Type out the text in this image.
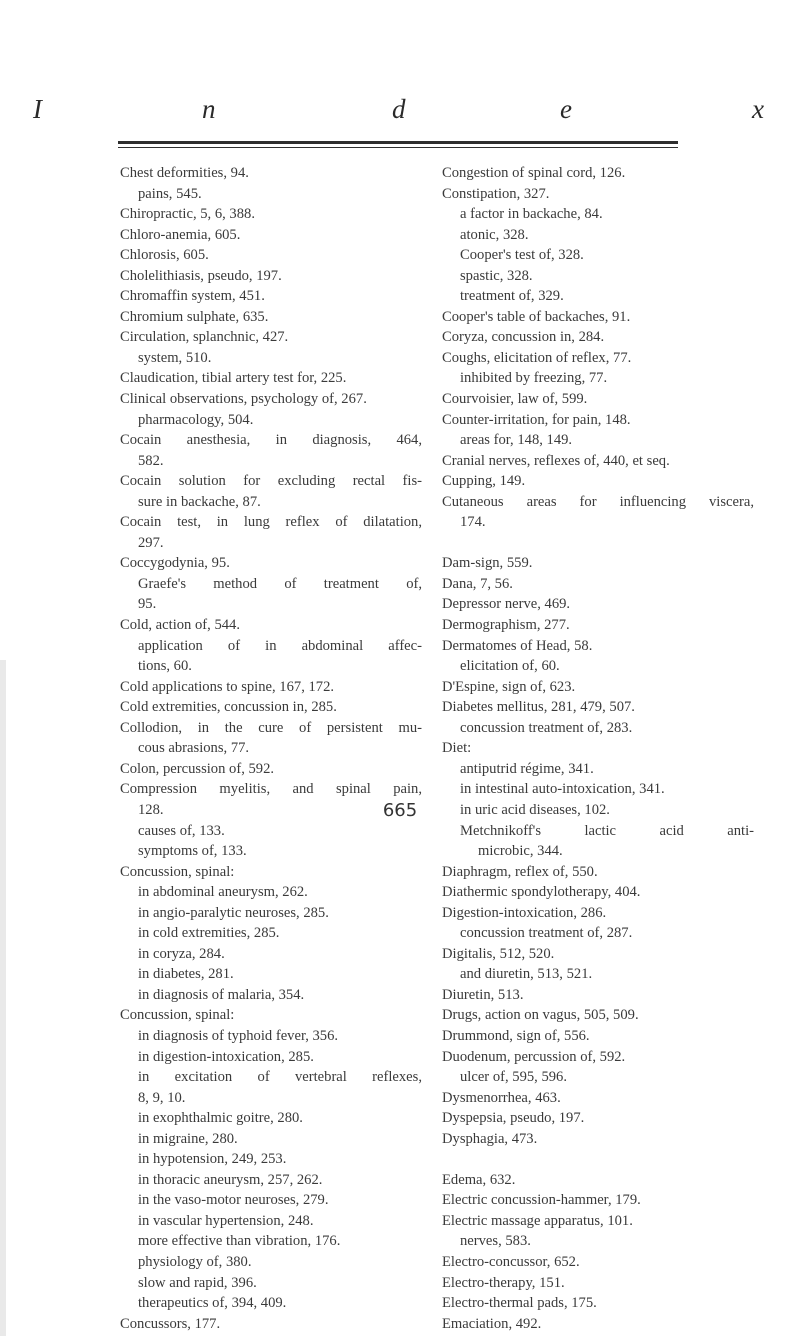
I	n	d	e	x
Chest deformities, 94.
pains, 545.
Chiropractic, 5, 6, 388.
Chloro-anemia, 605.
Chlorosis, 605.
Cholelithiasis, pseudo, 197.
Chromaffin system, 451.
Chromium sulphate, 635.
Circulation, splanchnic, 427.
system, 510.
Claudication, tibial artery test for, 225.
Clinical observations, psychology of, 267.
pharmacology, 504.
Cocain anesthesia, in diagnosis, 464,
582.
Cocain solution for excluding rectal fis-
sure in backache, 87.
Cocain test, in lung reflex of dilatation,
297.
Coccygodynia, 95.
Graefe's method of treatment of,
95.
Cold, action of, 544.
application of in abdominal affec-
tions, 60.
Cold applications to spine, 167, 172.
Cold extremities, concussion in, 285.
Collodion, in the cure of persistent mu-
cous abrasions, 77.
Colon, percussion of, 592.
Compression myelitis, and spinal pain,
128.
causes of, 133.
symptoms of, 133.
Concussion, spinal:
in abdominal aneurysm, 262.
in angio-paralytic neuroses, 285.
in cold extremities, 285.
in coryza, 284.
in diabetes, 281.
in diagnosis of malaria, 354.
Concussion, spinal:
in diagnosis of typhoid fever, 356.
in digestion-intoxication, 285.
in excitation of vertebral reflexes,
8, 9, 10.
in exophthalmic goitre, 280.
in migraine, 280.
in hypotension, 249, 253.
in thoracic aneurysm, 257, 262.
in the vaso-motor neuroses, 279.
in vascular hypertension, 248.
more effective than vibration, 176.
physiology of, 380.
slow and rapid, 396.
therapeutics of, 394, 409.
Concussors, 177.
Congestion of spinal cord, 126.
Constipation, 327.
a factor in backache, 84.
atonic, 328.
Cooper's test of, 328.
spastic, 328.
treatment of, 329.
Cooper's table of backaches, 91.
Coryza, concussion in, 284.
Coughs, elicitation of reflex, 77.
inhibited by freezing, 77.
Courvoisier, law of, 599.
Counter-irritation, for pain, 148.
areas for, 148, 149.
Cranial nerves, reflexes of, 440, et seq.
Cupping, 149.
Cutaneous areas for influencing viscera,
174.
Dam-sign, 559.
Dana, 7, 56.
Depressor nerve, 469.
Dermographism, 277.
Dermatomes of Head, 58.
elicitation of, 60.
D'Espine, sign of, 623.
Diabetes mellitus, 281, 479, 507.
concussion treatment of, 283.
Diet:
antiputrid régime, 341.
in intestinal auto-intoxication, 341.
in uric acid diseases, 102.
Metchnikoff's lactic acid anti-
microbic, 344.
Diaphragm, reflex of, 550.
Diathermic spondylotherapy, 404.
Digestion-intoxication, 286.
concussion treatment of, 287.
Digitalis, 512, 520.
and diuretin, 513, 521.
Diuretin, 513.
Drugs, action on vagus, 505, 509.
Drummond, sign of, 556.
Duodenum, percussion of, 592.
ulcer of, 595, 596.
Dysmenorrhea, 463.
Dyspepsia, pseudo, 197.
Dysphagia, 473.
Edema, 632.
Electric concussion-hammer, 179.
Electric massage apparatus, 101.
nerves, 583.
Electro-concussor, 652.
Electro-therapy, 151.
Electro-thermal pads, 175.
Emaciation, 492.
665
